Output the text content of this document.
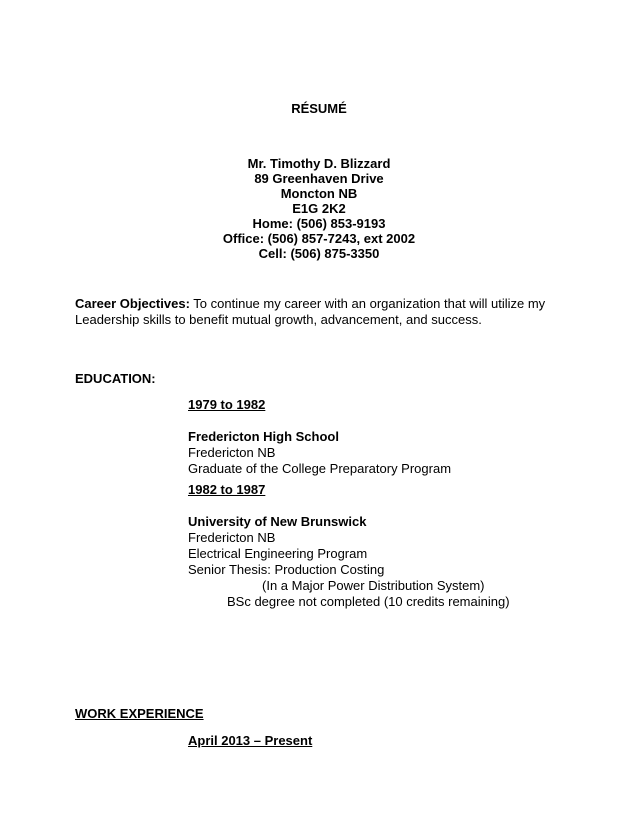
RÉSUMÉ
Mr. Timothy D. Blizzard
89 Greenhaven Drive
Moncton NB
E1G 2K2
Home: (506) 853-9193
Office: (506) 857-7243, ext 2002
Cell: (506) 875-3350
Career Objectives: To continue my career with an organization that will utilize my Leadership skills to benefit mutual growth, advancement, and success.
EDUCATION:
1979 to 1982
Fredericton High School
Fredericton NB
Graduate of the College Preparatory Program
1982 to 1987
University of New Brunswick
Fredericton NB
Electrical Engineering Program
Senior Thesis: Production Costing
(In a Major Power Distribution System)
BSc degree not completed (10 credits remaining)
WORK EXPERIENCE
April 2013 – Present
